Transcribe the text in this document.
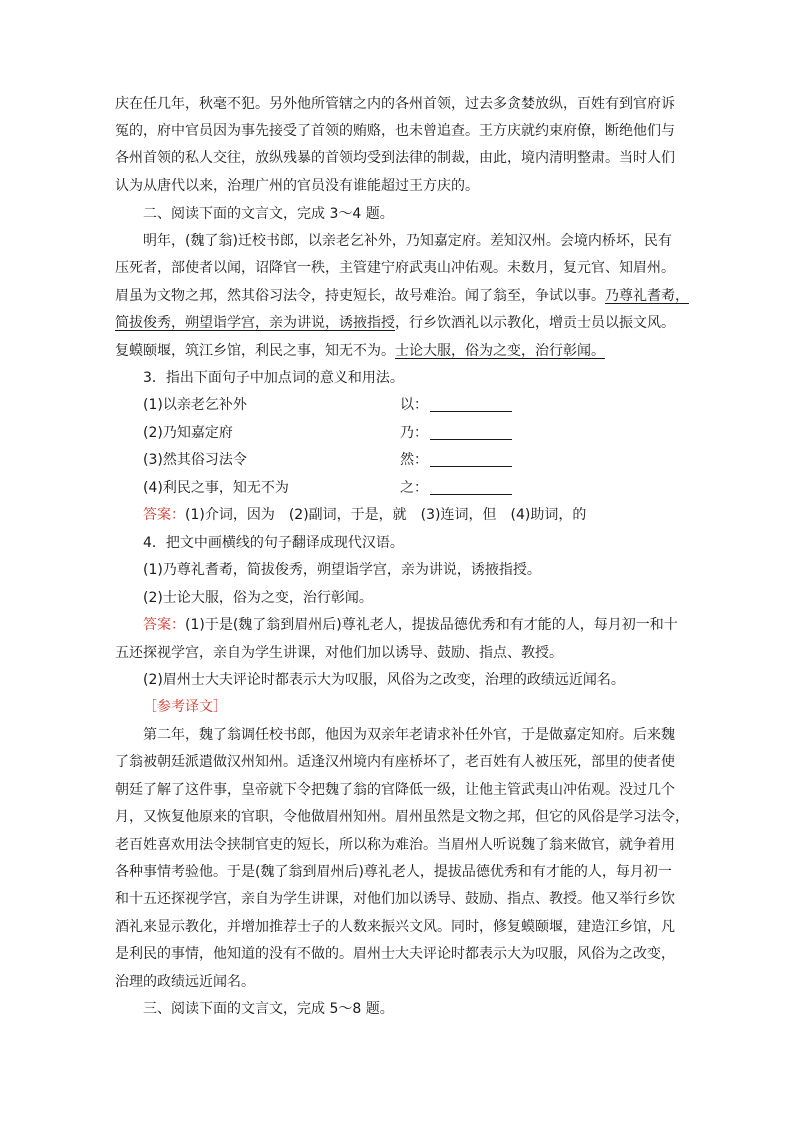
庆在任几年，秋毫不犯。另外他所管辖之内的各州首领，过去多贪婪放纵，百姓有到官府诉
冤的，府中官员因为事先接受了首领的贿赂，也未曾追查。王方庆就约束府僚，断绝他们与
各州首领的私人交往，放纵残暴的首领均受到法律的制裁，由此，境内清明整肃。当时人们
认为从唐代以来，治理广州的官员没有谁能超过王方庆的。
二、阅读下面的文言文，完成 3～4 题。
明年，(魏了翁)迁校书郎，以亲老乞补外，乃知嘉定府。差知汉州。会境内桥坏，民有
压死者，部使者以闻，诏降官一秩，主管建宁府武夷山冲佑观。未数月，复元官、知眉州。
眉虽为文物之邦，然其俗习法令，持吏短长，故号难治。闻了翁至，争试以事。乃尊礼耆耇，
简拔俊秀，朔望诣学宫，亲为讲说，诱掖指授，行乡饮酒礼以示教化，增贡士员以振文风。
复蟆颐堰，筑江乡馆，利民之事，知无不为。士论大服，俗为之变，治行彰闻。
3．指出下面句子中加点词的意义和用法。
(1)以亲老乞补外	以：
(2)乃知嘉定府	乃：
(3)然其俗习法令	然：
(4)利民之事，知无不为	之：
答案：(1)介词，因为　(2)副词，于是，就　(3)连词，但　(4)助词，的
4．把文中画横线的句子翻译成现代汉语。
(1)乃尊礼耆耇，简拔俊秀，朔望诣学宫，亲为讲说，诱掖指授。
(2)士论大服，俗为之变，治行彰闻。
答案：(1)于是(魏了翁到眉州后)尊礼老人，提拔品德优秀和有才能的人，每月初一和十
五还探视学宫，亲自为学生讲课，对他们加以诱导、鼓励、指点、教授。
(2)眉州士大夫评论时都表示大为叹服，风俗为之改变，治理的政绩远近闻名。
［参考译文］
第二年，魏了翁调任校书郎，他因为双亲年老请求补任外官，于是做嘉定知府。后来魏
了翁被朝廷派遣做汉州知州。适逢汉州境内有座桥坏了，老百姓有人被压死，部里的使者使
朝廷了解了这件事，皇帝就下令把魏了翁的官降低一级，让他主管武夷山冲佑观。没过几个
月，又恢复他原来的官职，令他做眉州知州。眉州虽然是文物之邦，但它的风俗是学习法令，
老百姓喜欢用法令挟制官吏的短长，所以称为难治。当眉州人听说魏了翁来做官，就争着用
各种事情考验他。于是(魏了翁到眉州后)尊礼老人，提拔品德优秀和有才能的人，每月初一
和十五还探视学宫，亲自为学生讲课，对他们加以诱导、鼓励、指点、教授。他又举行乡饮
酒礼来显示教化，并增加推荐士子的人数来振兴文风。同时，修复蟆颐堰，建造江乡馆，凡
是利民的事情，他知道的没有不做的。眉州士大夫评论时都表示大为叹服，风俗为之改变，
治理的政绩远近闻名。
三、阅读下面的文言文，完成 5～8 题。
